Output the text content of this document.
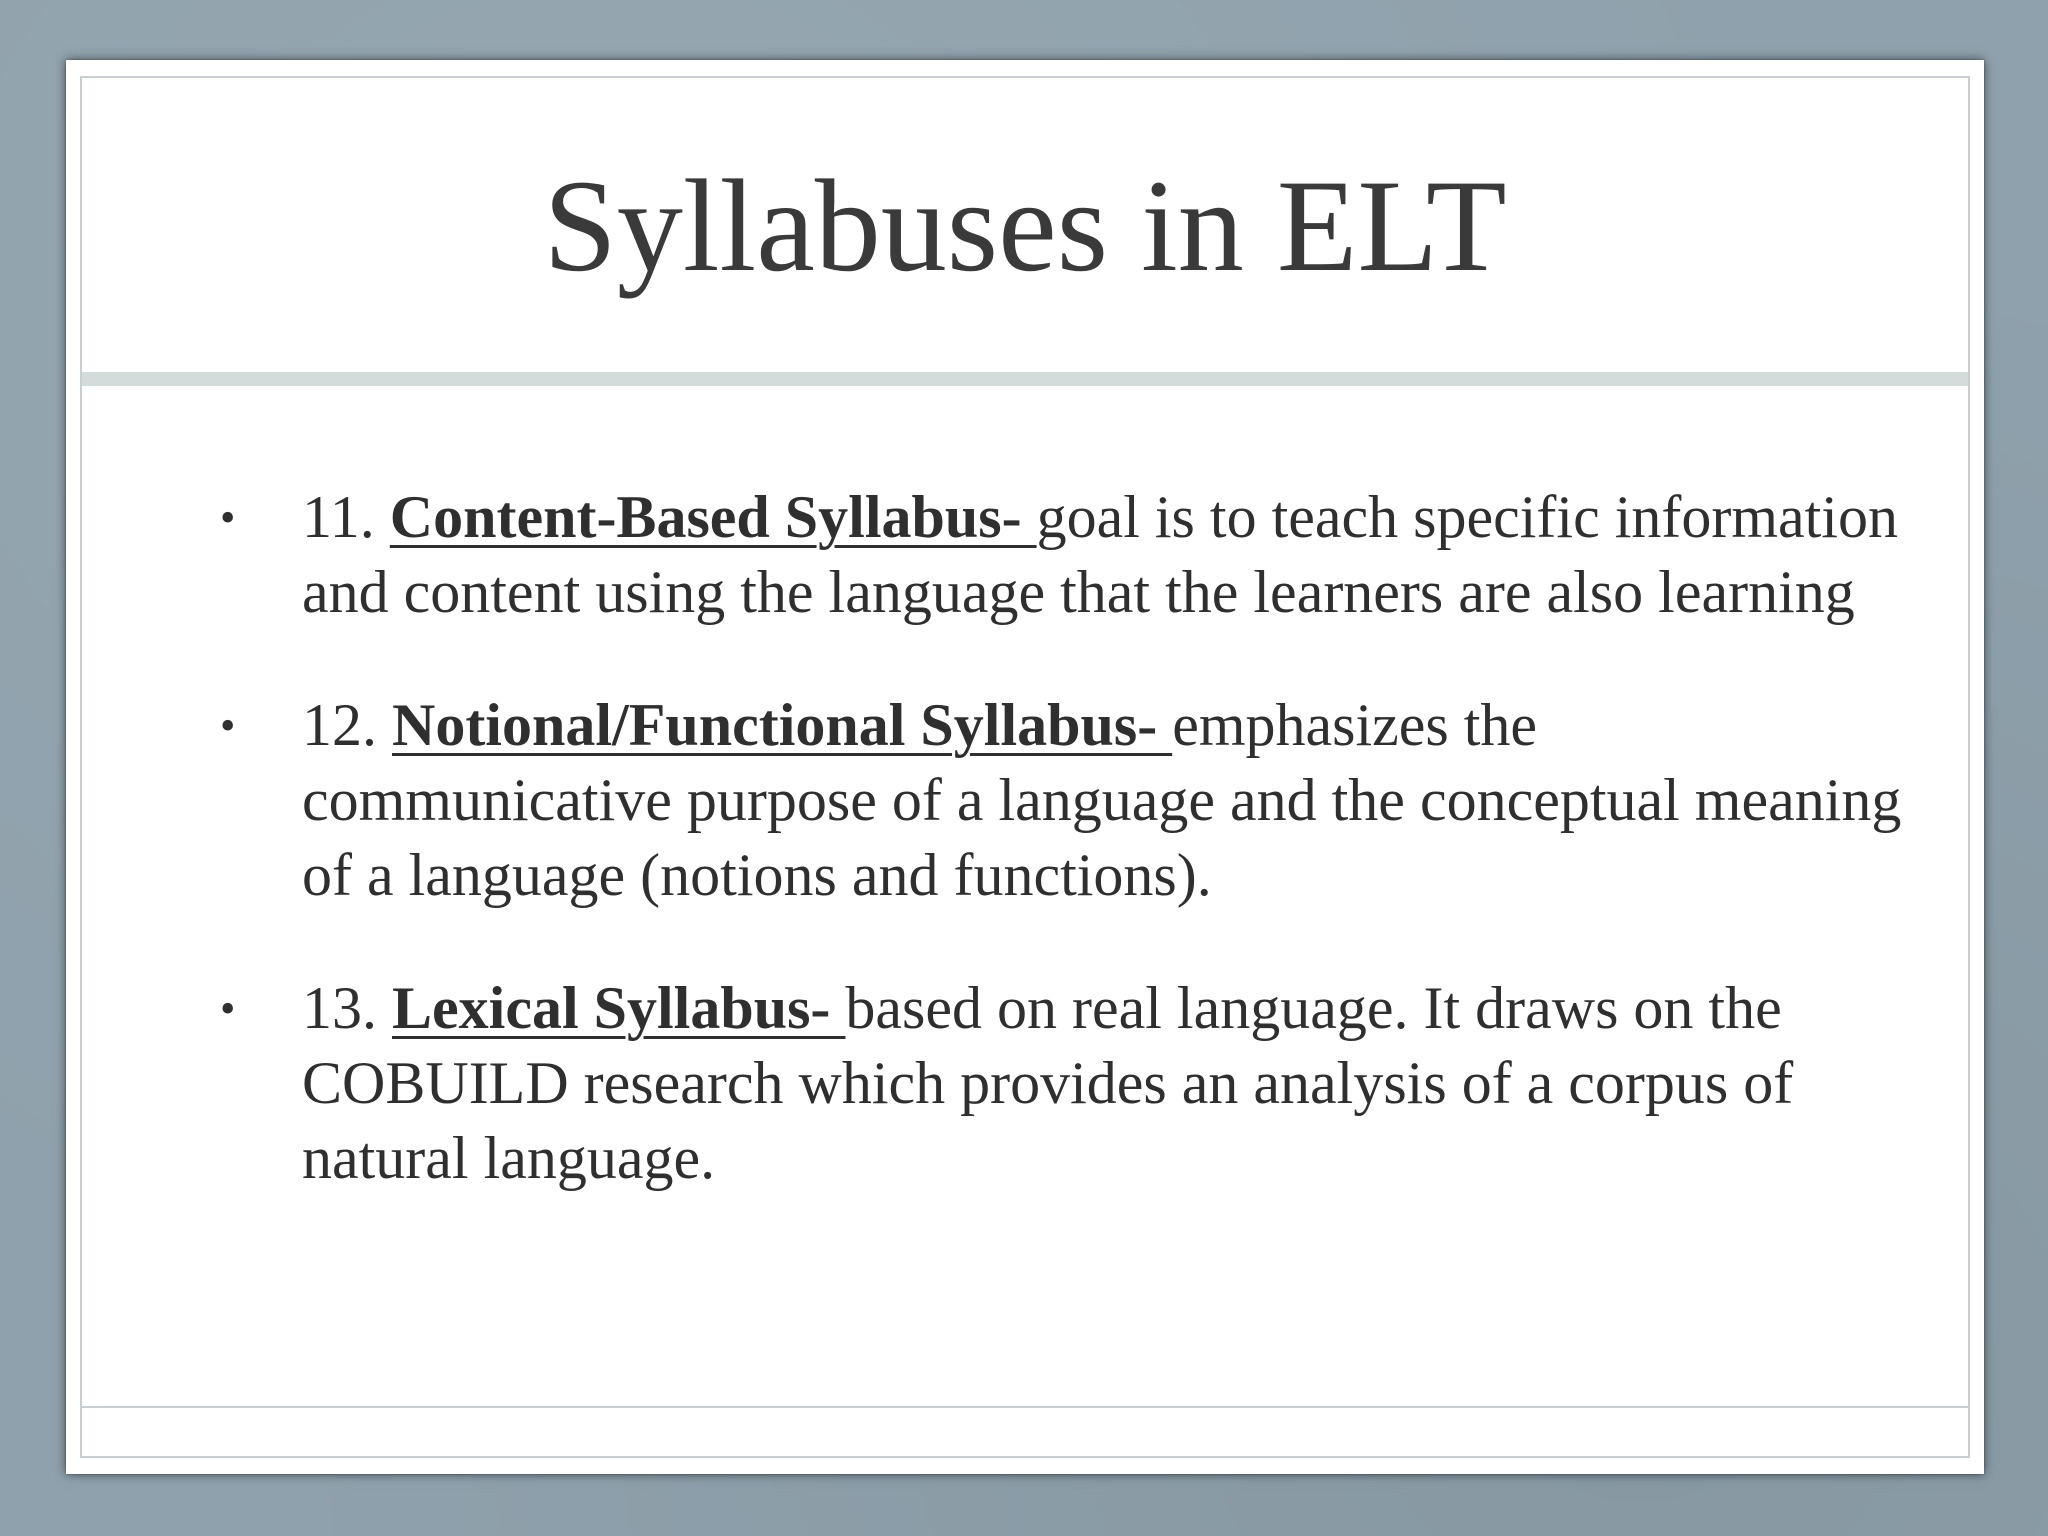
Syllabuses in ELT
•	11. Content-Based Syllabus- goal is to teach specific information and content using the language that the learners are also learning
•	12. Notional/Functional Syllabus- emphasizes the communicative purpose of a language and the conceptual meaning of a language (notions and functions).
•	13. Lexical Syllabus- based on real language. It draws on the COBUILD research which provides an analysis of a corpus of natural language.
